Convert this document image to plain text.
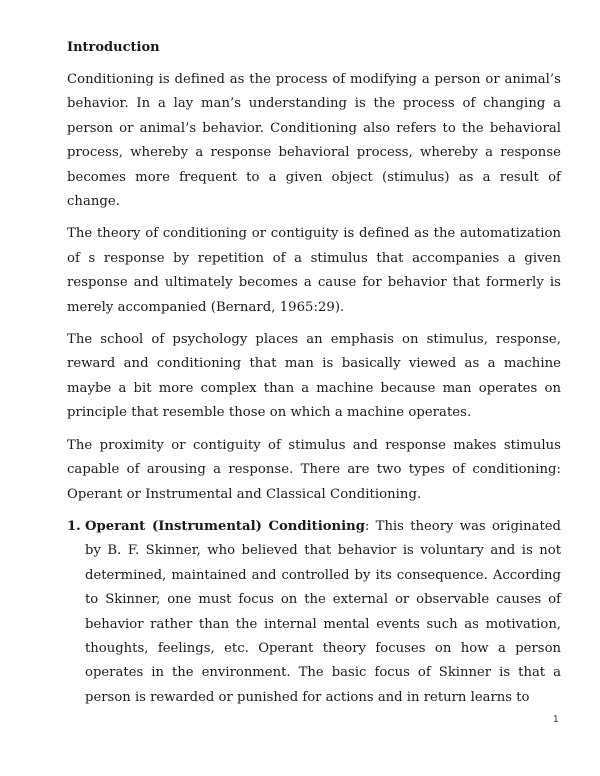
Introduction

Conditioning is defined as the process of modifying a person or animal’s behavior. In a lay man’s understanding is the process of changing a person or animal’s behavior. Conditioning also refers to the behavioral process, whereby a response behavioral process, whereby a response becomes more frequent to a given object (stimulus) as a result of change.

The theory of conditioning or contiguity is defined as the automatization of s response by repetition of a stimulus that accompanies a given response and ultimately becomes a cause for behavior that formerly is merely accompanied (Bernard, 1965:29).

The school of psychology places an emphasis on stimulus, response, reward and conditioning that man is basically viewed as a machine maybe a bit more complex than a machine because man operates on principle that resemble those on which a machine operates.

The proximity or contiguity of stimulus and response makes stimulus capable of arousing a response. There are two types of conditioning: Operant or Instrumental and Classical Conditioning.

1. Operant (Instrumental) Conditioning: This theory was originated by B. F. Skinner, who believed that behavior is voluntary and is not determined, maintained and controlled by its consequence. According to Skinner, one must focus on the external or observable causes of behavior rather than the internal mental events such as motivation, thoughts, feelings, etc. Operant theory focuses on how a person operates in the environment. The basic focus of Skinner is that a person is rewarded or punished for actions and in return learns to
1
